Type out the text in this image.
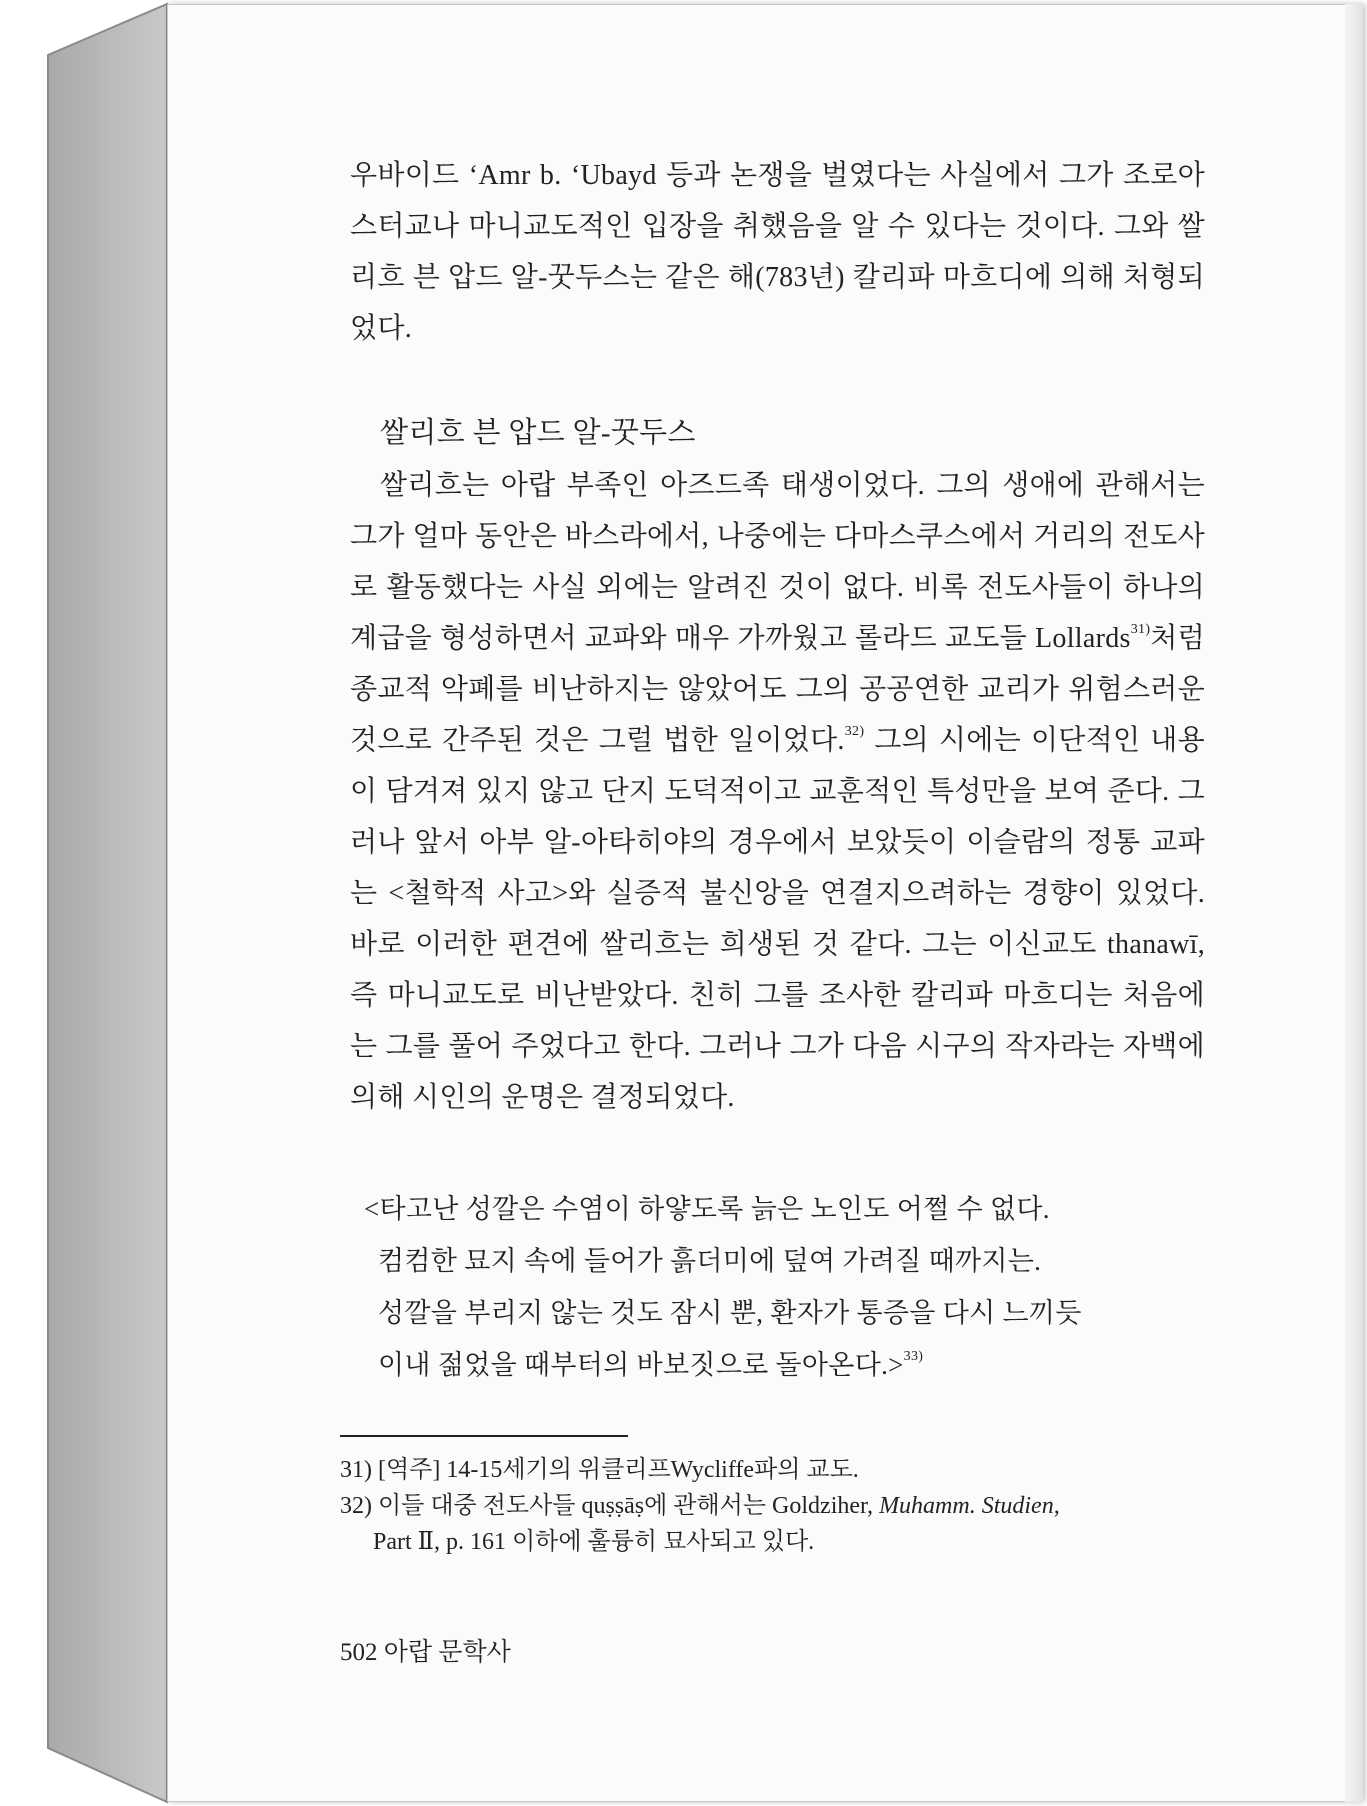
우바이드 ‘Amr b. ‘Ubayd 등과 논쟁을 벌였다는 사실에서 그가 조로아스터교나 마니교도적인 입장을 취했음을 알 수 있다는 것이다. 그와 쌀리흐 븐 압드 알-꿋두스는 같은 해(783년) 칼리파 마흐디에 의해 처형되었다.

쌀리흐 븐 압드 알-꿋두스

쌀리흐는 아랍 부족인 아즈드족 태생이었다. 그의 생애에 관해서는 그가 얼마 동안은 바스라에서, 나중에는 다마스쿠스에서 거리의 전도사로 활동했다는 사실 외에는 알려진 것이 없다. 비록 전도사들이 하나의 계급을 형성하면서 교파와 매우 가까웠고 롤라드 교도들 Lollards$^{31)}$처럼 종교적 악폐를 비난하지는 않았어도 그의 공공연한 교리가 위험스러운 것으로 간주된 것은 그럴 법한 일이었다.$^{32)}$ 그의 시에는 이단적인 내용이 담겨져 있지 않고 단지 도덕적이고 교훈적인 특성만을 보여 준다. 그러나 앞서 아부 알-아타히야의 경우에서 보았듯이 이슬람의 정통 교파는 <철학적 사고>와 실증적 불신앙을 연결지으려하는 경향이 있었다. 바로 이러한 편견에 쌀리흐는 희생된 것 같다. 그는 이신교도 thanawī, 즉 마니교도로 비난받았다. 친히 그를 조사한 칼리파 마흐디는 처음에는 그를 풀어 주었다고 한다. 그러나 그가 다음 시구의 작자라는 자백에 의해 시인의 운명은 결정되었다.

<타고난 성깔은 수염이 하얗도록 늙은 노인도 어쩔 수 없다.
컴컴한 묘지 속에 들어가 흙더미에 덮여 가려질 때까지는.
성깔을 부리지 않는 것도 잠시 뿐, 환자가 통증을 다시 느끼듯
이내 젊었을 때부터의 바보짓으로 돌아온다.>$^{33)}$
31) [역주] 14-15세기의 위클리프Wycliffe파의 교도.
32) 이들 대중 전도사들 quṣṣāṣ에 관해서는 Goldziher, Muhamm. Studien,
Part Ⅱ, p. 161 이하에 훌륭히 묘사되고 있다.
502 아랍 문학사
